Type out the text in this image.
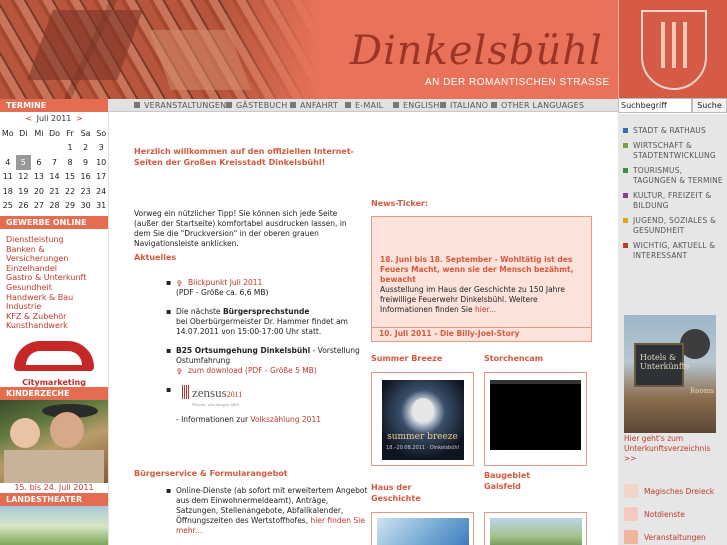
Dinkelsbühl
AN DER ROMANTISCHEN STRASSE
VERANSTALTUNGEN	GÄSTEBUCH	ANFAHRT	E-MAIL	ENGLISH	ITALIANO	OTHER LANGUAGES
Suchbegriff	Suche
TERMINE
< Juli 2011 >
Mo	Di	Mi	Do	Fr	Sa	So
				1	2	3
4	5	6	7	8	9	10
11	12	13	14	15	16	17
18	19	20	21	22	23	24
25	26	27	28	29	30	31
GEWERBE ONLINE
Dienstleistung
Banken & Versicherungen
Einzelhandel
Gastro & Unterkunft
Gesundheit
Handwerk & Bau
Industrie
KFZ & Zubehör
Kunsthandwerk
Citymarketing
KINDERZECHE
15. bis 24. Juli 2011
LANDESTHEATER
Herzlich willkommen auf den offiziellen Internet-Seiten der Großen Kreisstadt Dinkelsbühl!
Vorweg ein nützlicher Tipp! Sie können sich jede Seite (außer der Startseite) komfortabel ausdrucken lassen, in dem Sie die "Druckversion" in der oberen grauen Navigationsleiste anklicken.
Aktuelles
▪ ✞ Blickpunkt Juli 2011
(PDF - Größe ca. 6,6 MB)
▪ Die nächste Bürgersprechstunde
bei Oberbürgermeister Dr. Hammer findet am 14.07.2011 von 15:00-17:00 Uhr statt.
▪ B25 Ortsumgehung Dinkelsbühl - Vorstellung Ostumfahrung
✞ zum download (PDF - Größe 5 MB)
▪ zensus2011
Wissen, was morgen zählt
- Informationen zur Volkszählung 2011
Bürgerservice & Formularangebot
▪ Online-Dienste (ab sofort mit erweitertem Angebot aus dem Einwohnermeldeamt), Anträge, Satzungen, Stellenangebote, Abfallkalender, Öffnungszeiten des Wertstoffhofes, hier finden Sie mehr...
News-Ticker:
18. Juni bis 18. September - Wohltätig ist des Feuers Macht, wenn sie der Mensch bezähmt, bewacht
Ausstellung im Haus der Geschichte zu 150 Jahre freiwillige Feuerwehr Dinkelsbühl. Weitere Informationen finden Sie hier...
10. Juli 2011 - Die Billy-Joel-Story
Summer Breeze	Storchencam
summer breeze
18.–20.08.2011 · Dinkelsbühl
Haus der Geschichte
Baugebiet Gaisfeld
STADT & RATHAUS
WIRTSCHAFT & STADTENTWICKLUNG
TOURISMUS, TAGUNGEN & TERMINE
KULTUR, FREIZEIT & BILDUNG
JUGEND, SOZIALES & GESUNDHEIT
WICHTIG, AKTUELL & INTERESSANT
Hotels & Unterkünfte
Rooms
Hier geht's zum Unterkunftsverzeichnis >>
Magisches Dreieck
Notdienste
Veranstaltungen
